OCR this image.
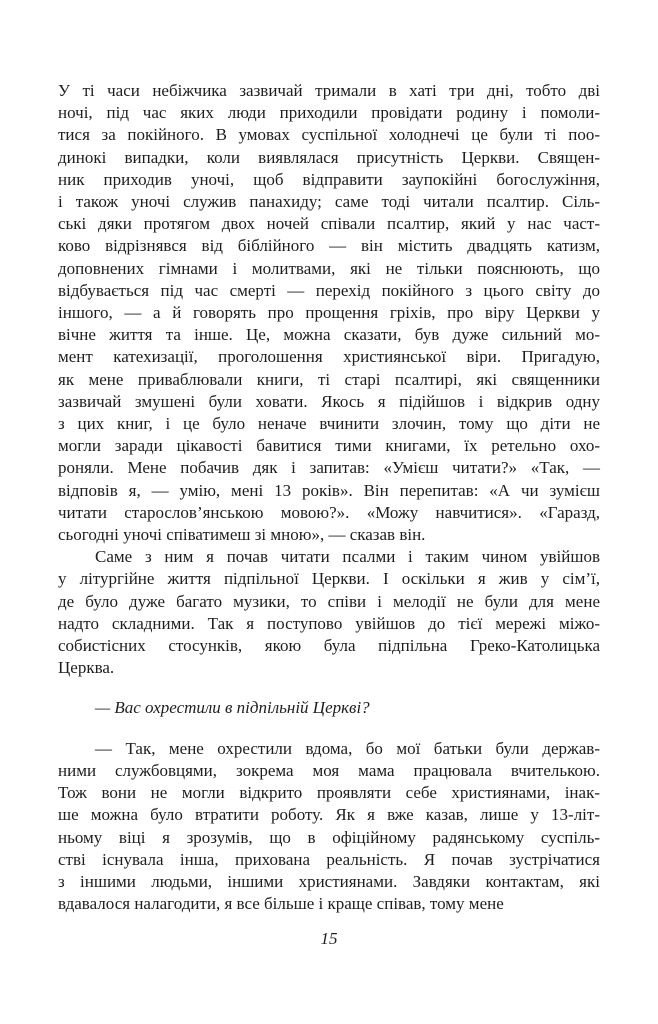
У ті часи небіжчика зазвичай тримали в хаті три дні, тобто дві
ночі, під час яких люди приходили провідати родину і помоли-
тися за покійного. В умовах суспільної холоднечі це були ті поо-
динокі випадки, коли виявлялася присутність Церкви. Священ-
ник приходив уночі, щоб відправити заупокійні богослужіння,
і також уночі служив панахиду; саме тоді читали псалтир. Сіль-
ські дяки протягом двох ночей співали псалтир, який у нас част-
ково відрізнявся від біблійного — він містить двадцять катизм,
доповнених гімнами і молитвами, які не тільки пояснюють, що
відбувається під час смерті — перехід покійного з цього світу до
іншого, — а й говорять про прощення гріхів, про віру Церкви у
вічне життя та інше. Це, можна сказати, був дуже сильний мо-
мент катехизації, проголошення християнської віри. Пригадую,
як мене приваблювали книги, ті старі псалтирі, які священники
зазвичай змушені були ховати. Якось я підійшов і відкрив одну
з цих книг, і це було неначе вчинити злочин, тому що діти не
могли заради цікавості бавитися тими книгами, їх ретельно охо-
роняли. Мене побачив дяк і запитав: «Умієш читати?» «Так, —
відповів я, — умію, мені 13 років». Він перепитав: «А чи зумієш
читати старослов’янською мовою?». «Можу навчитися». «Гаразд,
сьогодні уночі співатимеш зі мною», — сказав він.
Саме з ним я почав читати псалми і таким чином увійшов
у літургійне життя підпільної Церкви. І оскільки я жив у сім’ї,
де було дуже багато музики, то співи і мелодії не були для мене
надто складними. Так я поступово увійшов до тієї мережі міжо-
собистісних стосунків, якою була підпільна Греко-Католицька
Церква.
— Вас охрестили в підпільній Церкві?
— Так, мене охрестили вдома, бо мої батьки були держав-
ними службовцями, зокрема моя мама працювала вчителькою.
Тож вони не могли відкрито проявляти себе християнами, інак-
ше можна було втратити роботу. Як я вже казав, лише у 13-літ-
ньому віці я зрозумів, що в офіційному радянському суспіль-
стві існувала інша, прихована реальність. Я почав зустрічатися
з іншими людьми, іншими християнами. Завдяки контактам, які
вдавалося налагодити, я все більше і краще співав, тому мене
15
